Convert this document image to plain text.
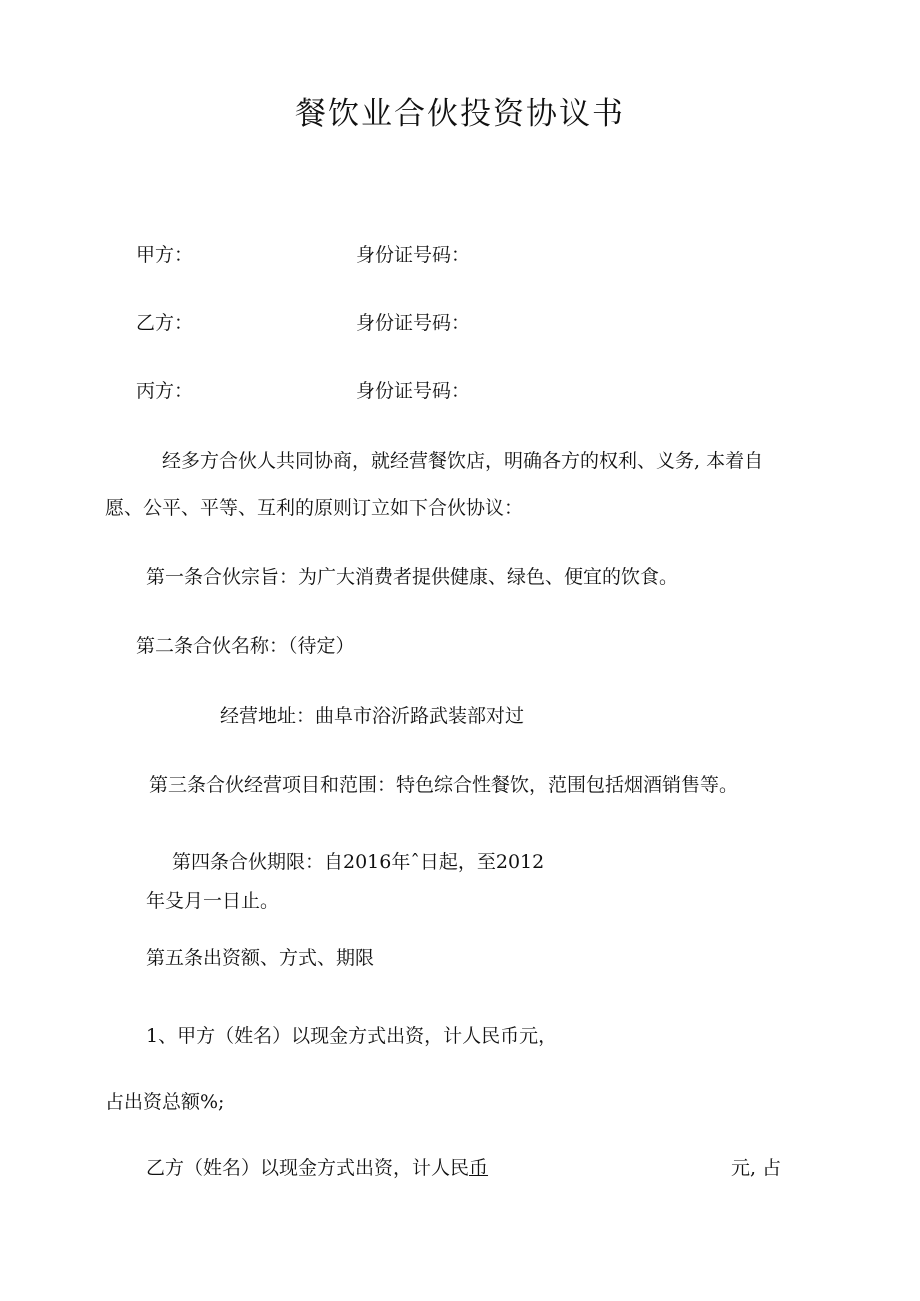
餐饮业合伙投资协议书
甲方：	身份证号码：
乙方：	身份证号码：
丙方：	身份证号码：
经多方合伙人共同协商，就经营餐饮店，明确各方的权利、义务, 本着自
愿、公平、平等、互利的原则订立如下合伙协议：
第一条合伙宗旨：为广大消费者提供健康、绿色、便宜的饮食。
第二条合伙名称：（待定）
经营地址：曲阜市浴沂路武装部对过
第三条合伙经营项目和范围：特色综合性餐饮，范围包括烟酒销售等。
第四条合伙期限：自2016年ˆ日起，至2012
年殳月一日止。
第五条出资额、方式、期限
1、甲方（姓名）以现金方式出资，计人民币元，
占出资总额%;
乙方（姓名）以现金方式出资，计人民币	元, 占
